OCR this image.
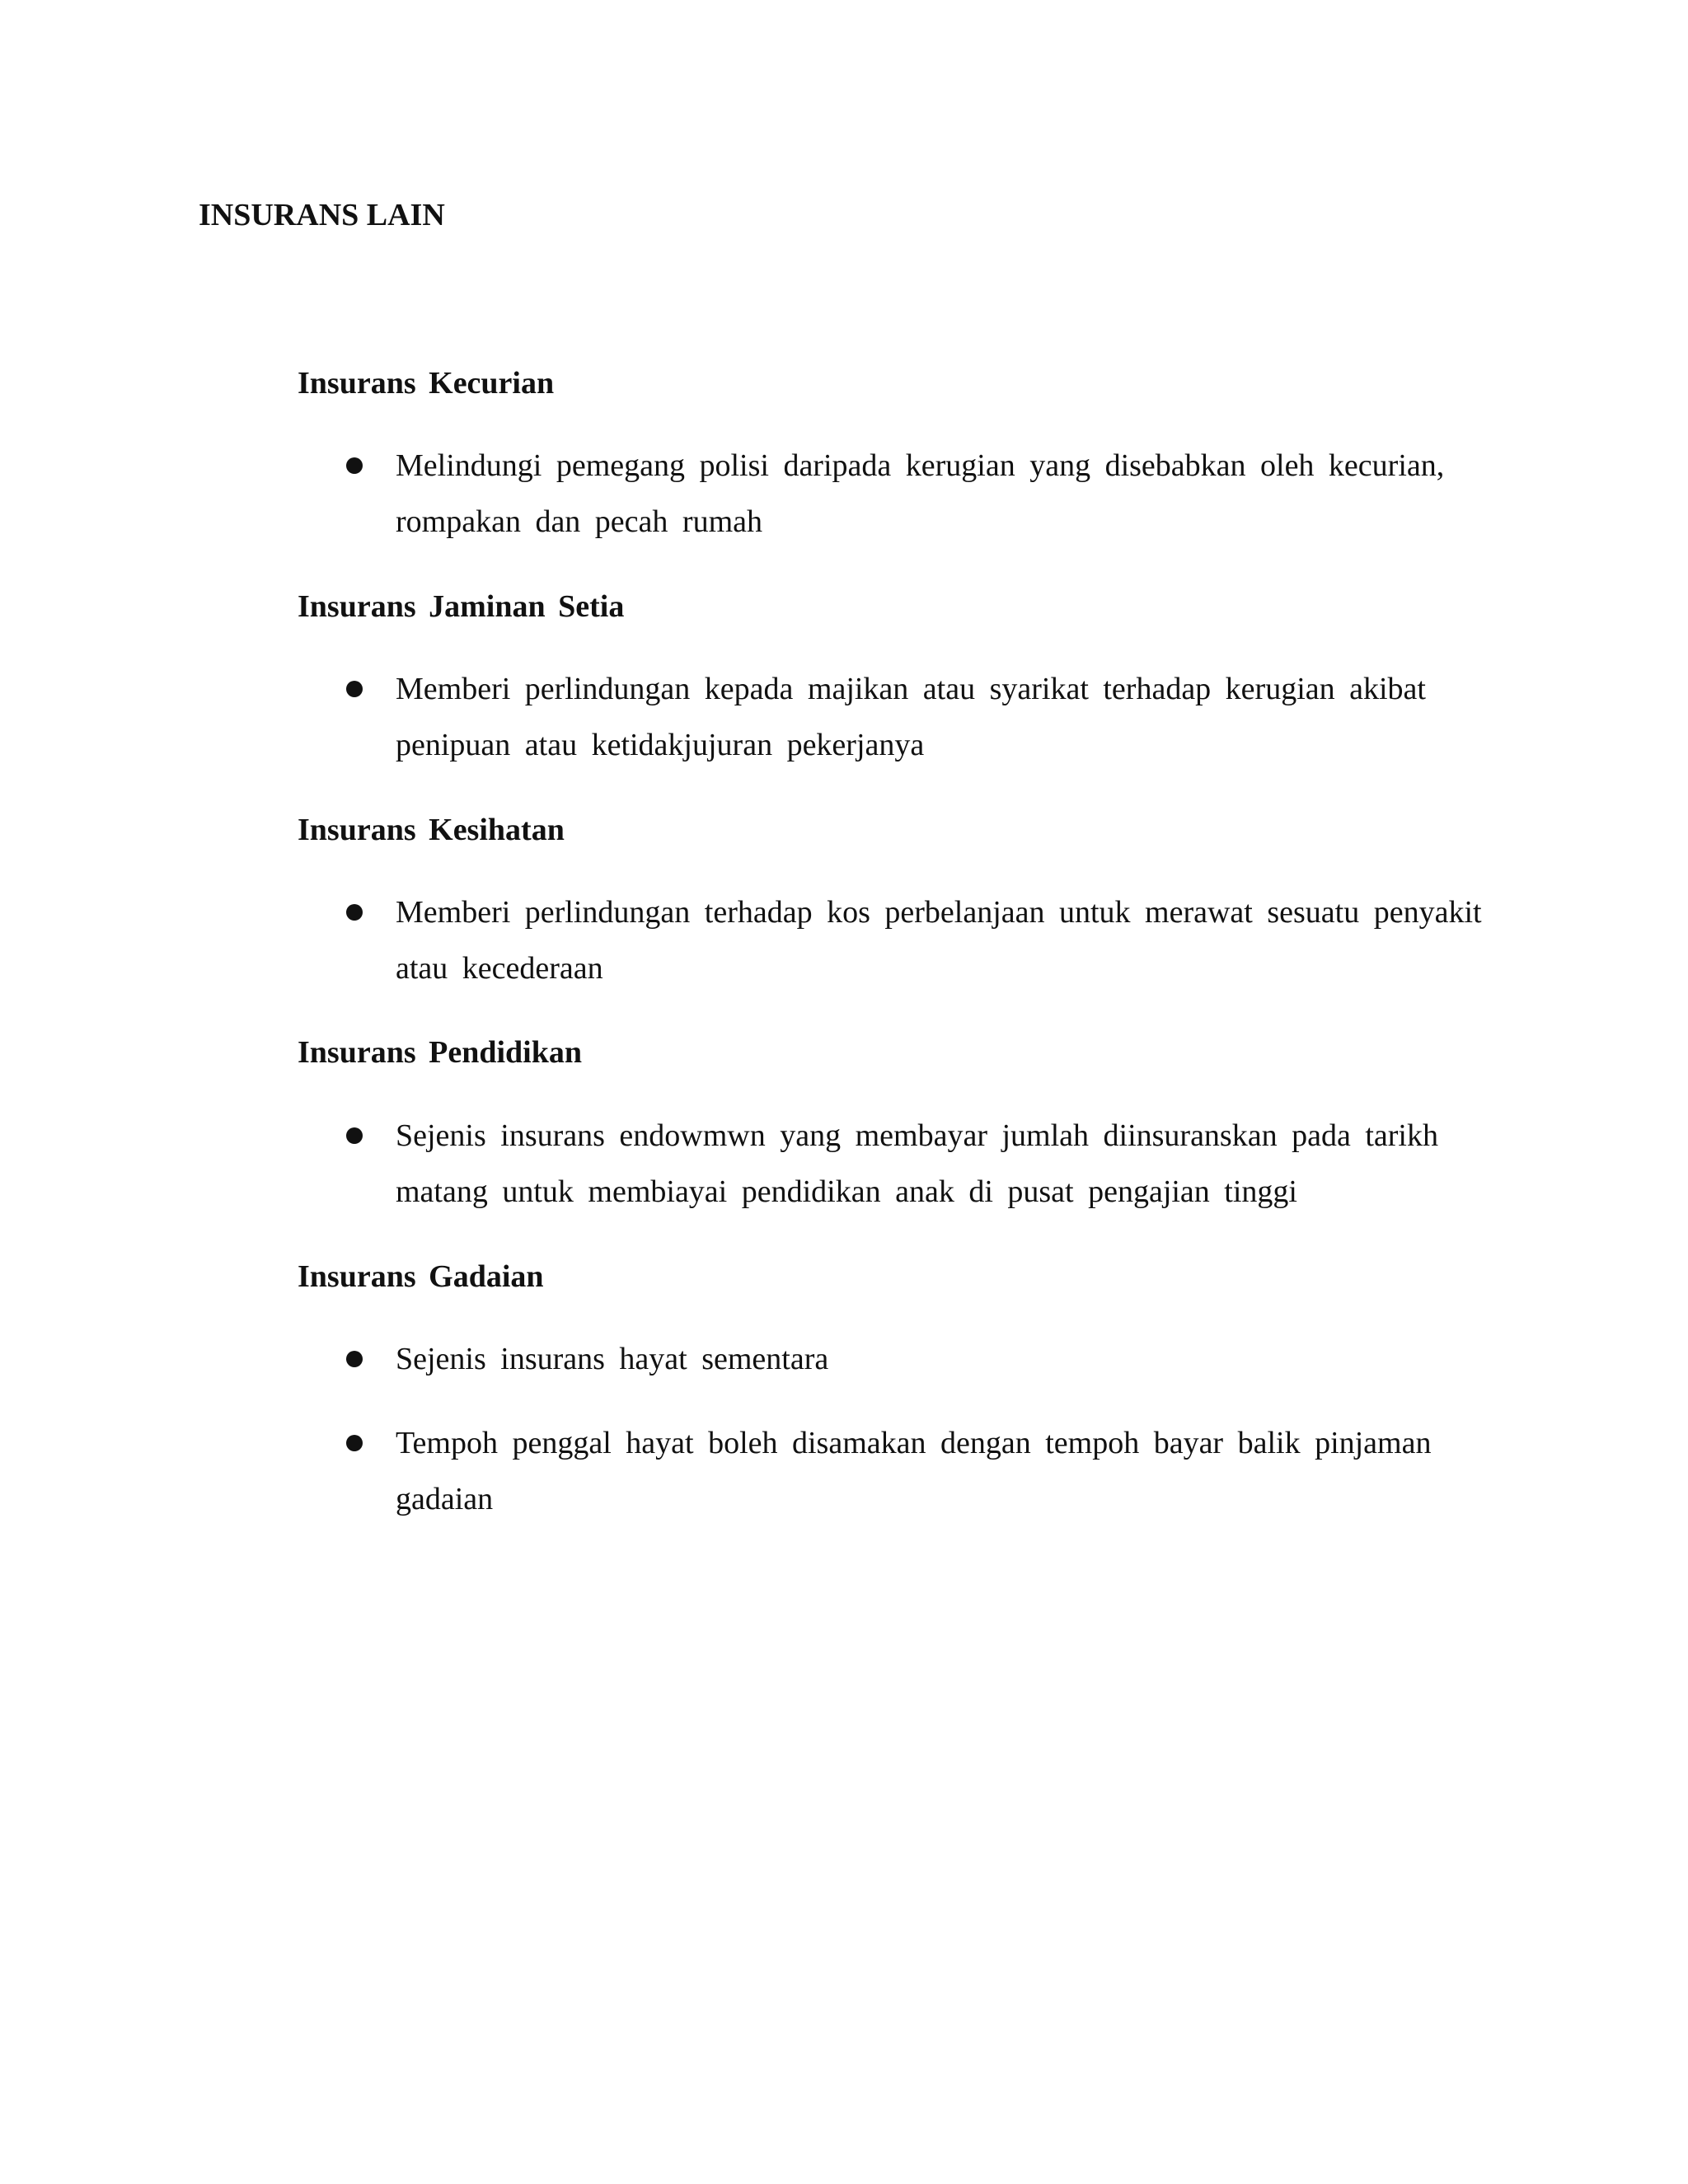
INSURANS LAIN
Insurans Kecurian
Melindungi pemegang polisi daripada kerugian yang disebabkan oleh kecurian, rompakan dan pecah rumah
Insurans Jaminan Setia
Memberi perlindungan kepada majikan atau syarikat terhadap kerugian akibat penipuan atau ketidakjujuran pekerjanya
Insurans Kesihatan
Memberi perlindungan terhadap kos perbelanjaan untuk merawat sesuatu penyakit atau kecederaan
Insurans Pendidikan
Sejenis insurans endowmwn yang membayar jumlah diinsuranskan pada tarikh matang untuk membiayai pendidikan anak di pusat pengajian tinggi
Insurans Gadaian
Sejenis insurans hayat sementara
Tempoh penggal hayat boleh disamakan dengan tempoh bayar balik pinjaman gadaian
